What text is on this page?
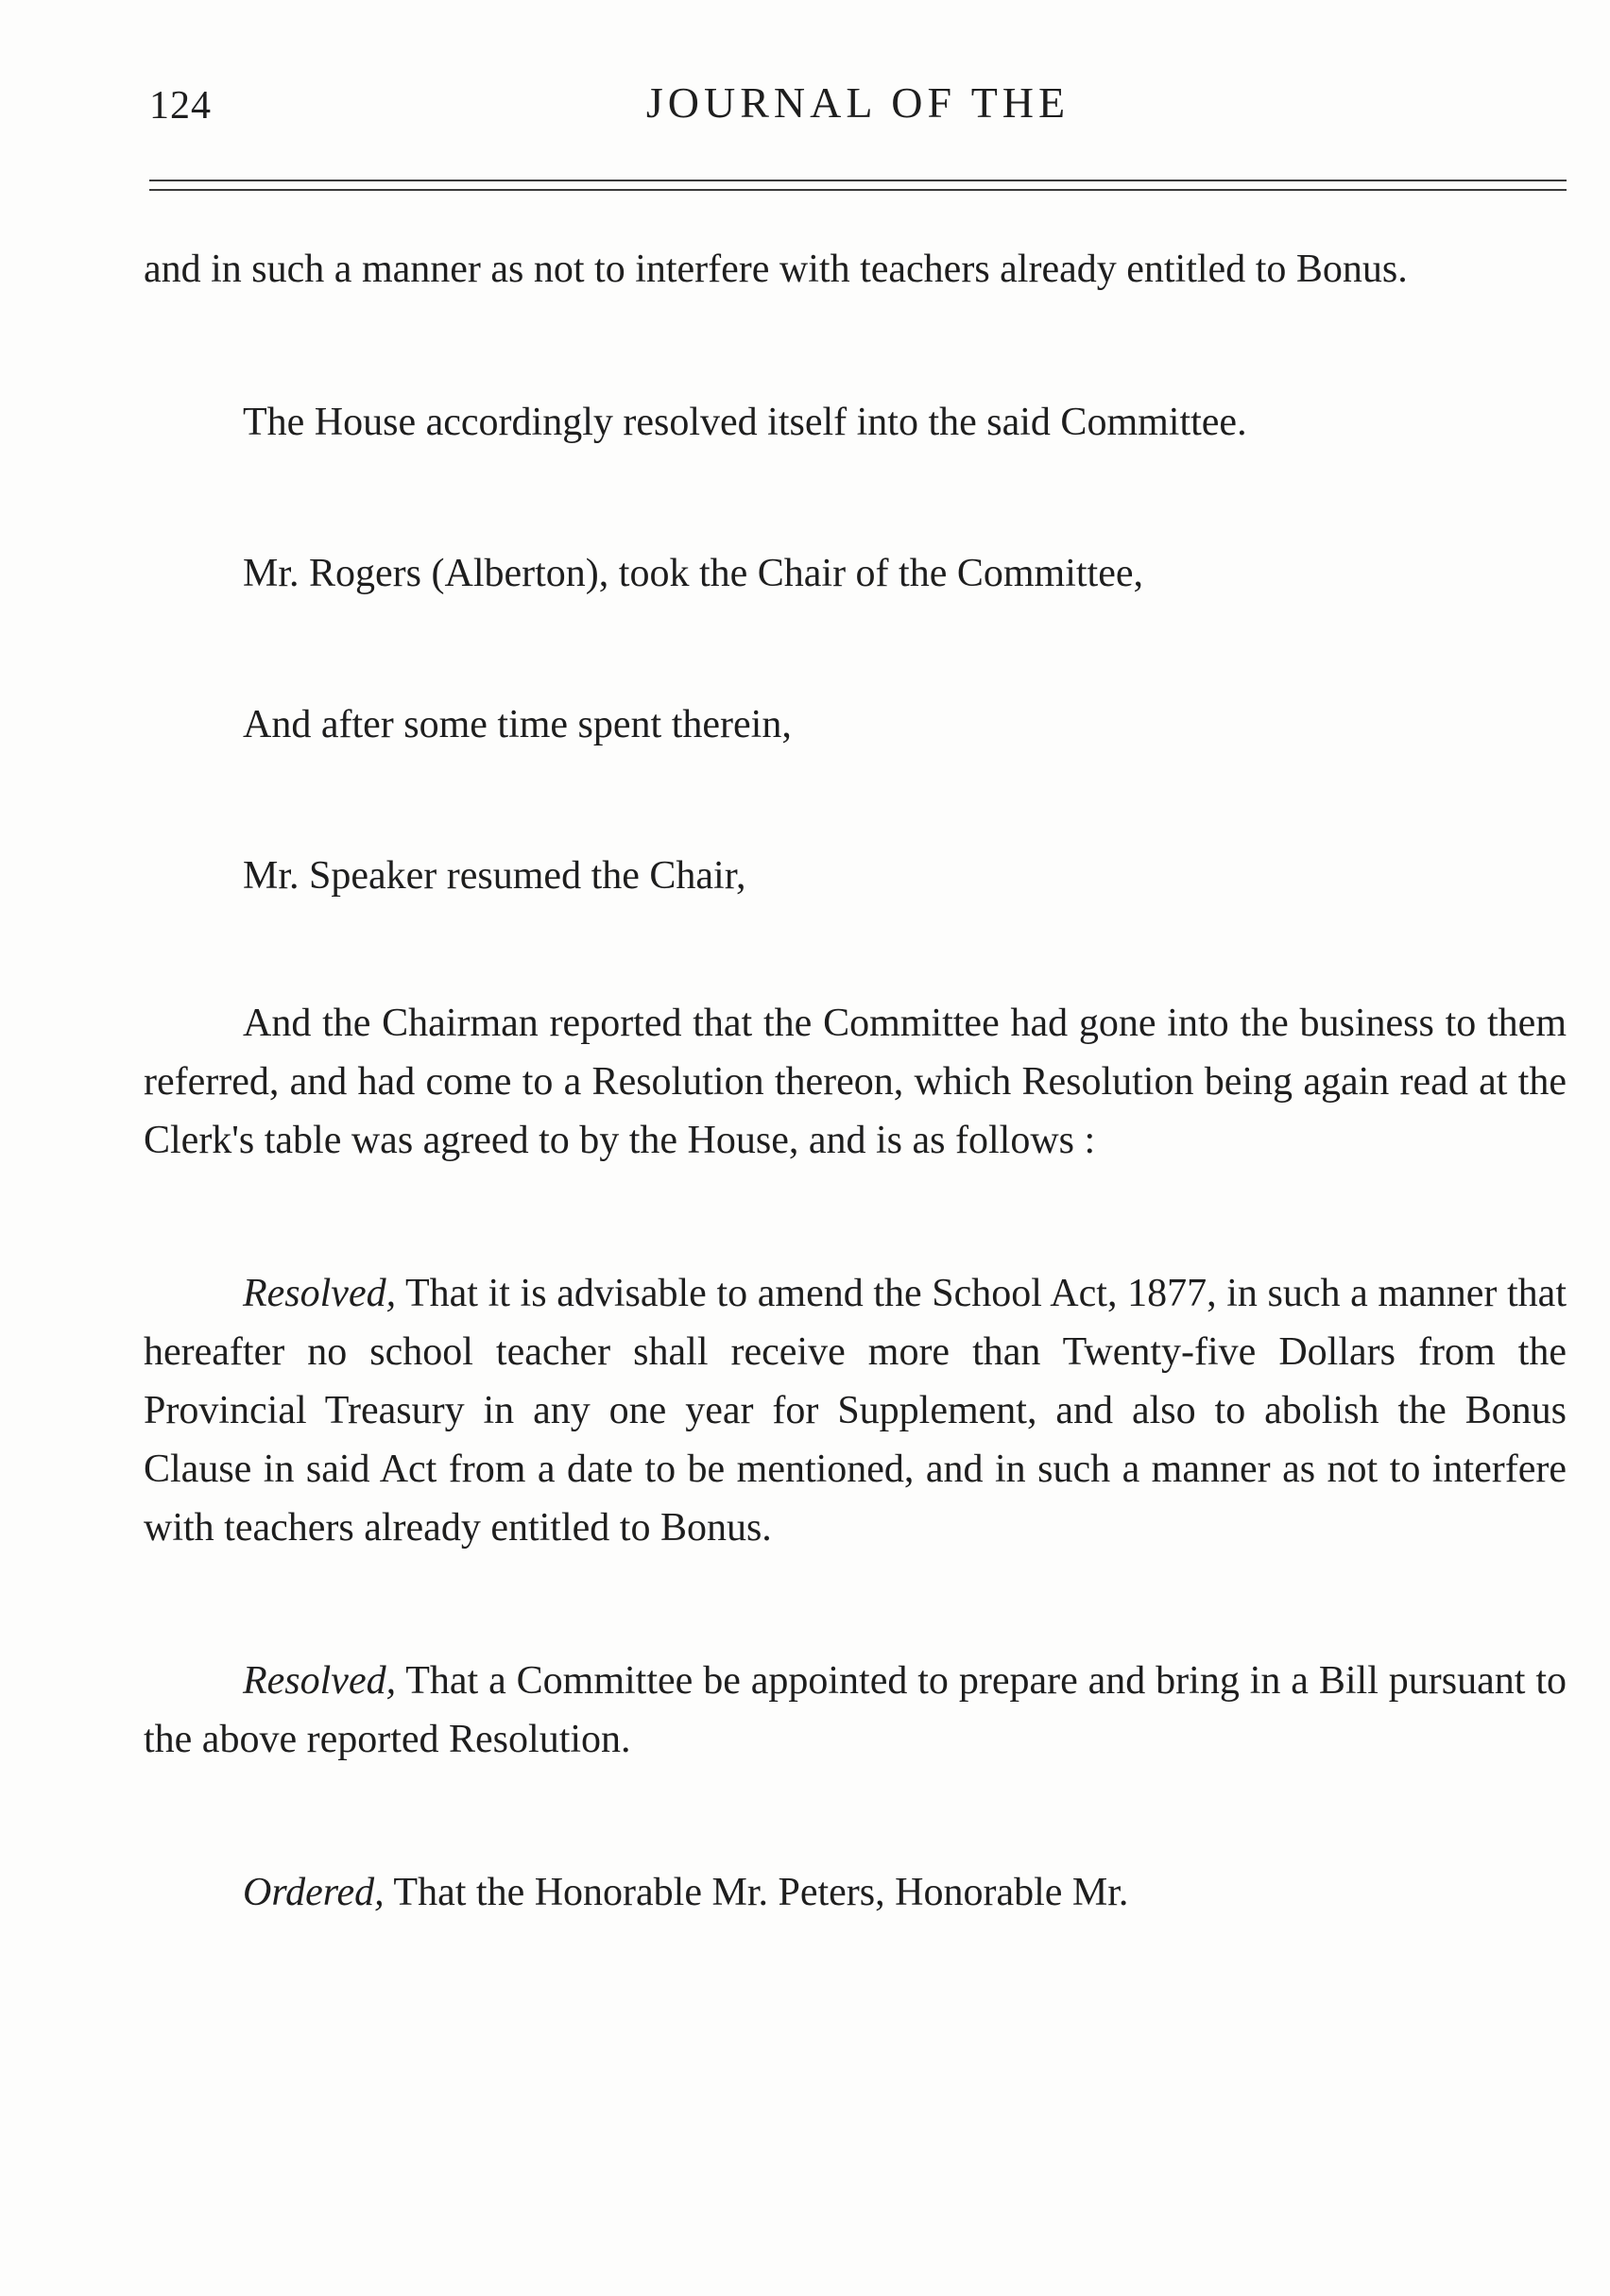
124	JOURNAL OF THE

and in such a manner as not to interfere with teachers already entitled to Bonus.

The House accordingly resolved itself into the said Committee.

Mr. Rogers (Alberton), took the Chair of the Committee,

And after some time spent therein,

Mr. Speaker resumed the Chair,

And the Chairman reported that the Committee had gone into the business to them referred, and had come to a Resolution thereon, which Resolution being again read at the Clerk's table was agreed to by the House, and is as follows :

Resolved, That it is advisable to amend the School Act, 1877, in such a manner that hereafter no school teacher shall receive more than Twenty-five Dollars from the Provincial Treasury in any one year for Supplement, and also to abolish the Bonus Clause in said Act from a date to be mentioned, and in such a manner as not to interfere with teachers already entitled to Bonus.

Resolved, That a Committee be appointed to prepare and bring in a Bill pursuant to the above reported Resolution.

Ordered, That the Honorable Mr. Peters, Honorable Mr.
